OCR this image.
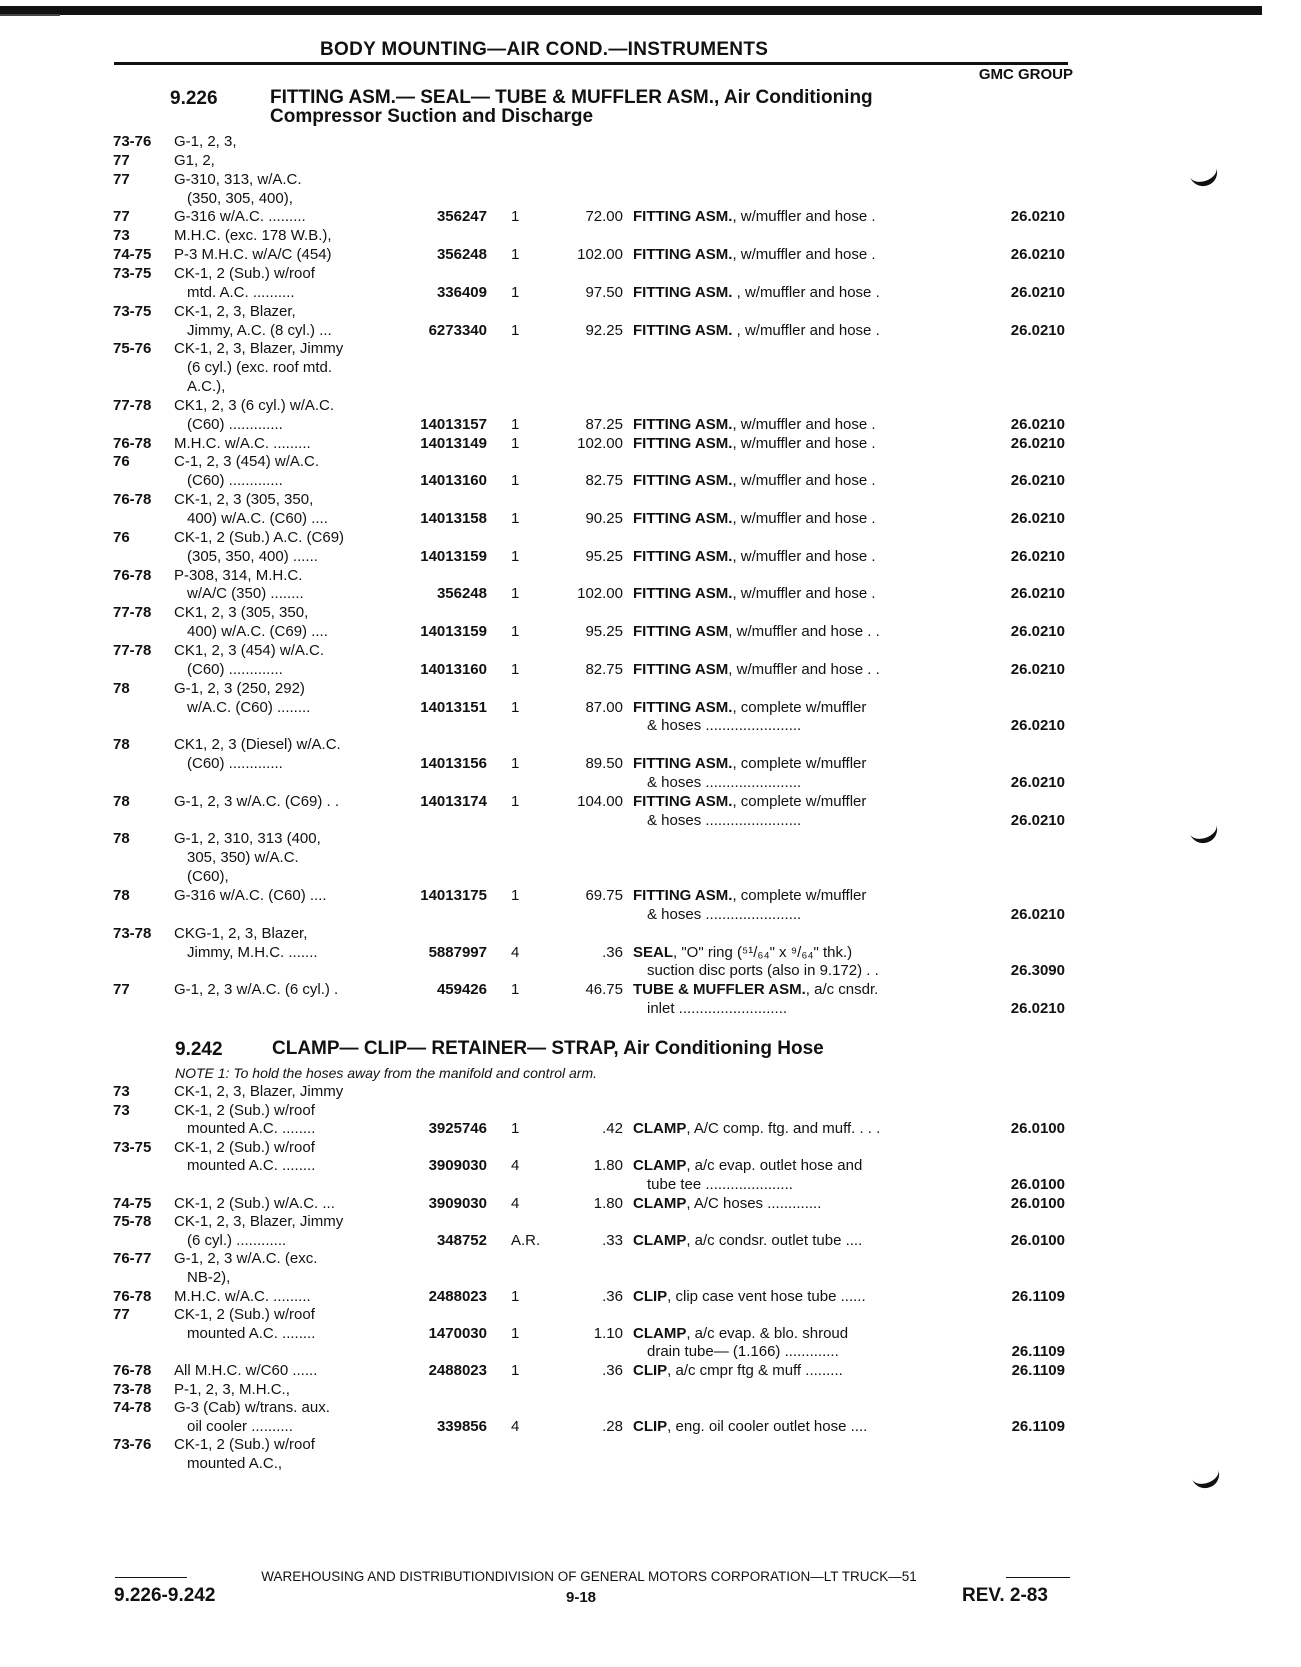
BODY MOUNTING—AIR COND.—INSTRUMENTS
GMC GROUP
9.226	FITTING ASM.— SEAL— TUBE & MUFFLER ASM., Air Conditioning
Compressor Suction and Discharge
73-76 G-1, 2, 3,
77	G1, 2,
77	G-310, 313, w/A.C.
(350, 305, 400),
77	G-316 w/A.C. .........	356247 1	72.00 FITTING ASM., w/muffler and hose .	26.0210
73	M.H.C. (exc. 178 W.B.),
74-75 P-3 M.H.C. w/A/C (454)	356248 1	102.00 FITTING ASM., w/muffler and hose .	26.0210
73-75 CK-1, 2 (Sub.) w/roof
mtd. A.C. ..........	336409 1	97.50 FITTING ASM. , w/muffler and hose .	26.0210
73-75 CK-1, 2, 3, Blazer,
Jimmy, A.C. (8 cyl.) ...	6273340 1	92.25 FITTING ASM. , w/muffler and hose .	26.0210
75-76 CK-1, 2, 3, Blazer, Jimmy
(6 cyl.) (exc. roof mtd.
A.C.),
77-78 CK1, 2, 3 (6 cyl.) w/A.C.
(C60) .............	14013157 1	87.25 FITTING ASM., w/muffler and hose .	26.0210
76-78 M.H.C. w/A.C. .........	14013149 1	102.00 FITTING ASM., w/muffler and hose .	26.0210
76	C-1, 2, 3 (454) w/A.C.
(C60) .............	14013160 1	82.75 FITTING ASM., w/muffler and hose .	26.0210
76-78 CK-1, 2, 3 (305, 350,
400) w/A.C. (C60) ....	14013158 1	90.25 FITTING ASM., w/muffler and hose .	26.0210
76	CK-1, 2 (Sub.) A.C. (C69)
(305, 350, 400) ......	14013159 1	95.25 FITTING ASM., w/muffler and hose .	26.0210
76-78 P-308, 314, M.H.C.
w/A/C (350) ........	356248 1	102.00 FITTING ASM., w/muffler and hose .	26.0210
77-78 CK1, 2, 3 (305, 350,
400) w/A.C. (C69) ....	14013159 1	95.25 FITTING ASM, w/muffler and hose . .	26.0210
77-78 CK1, 2, 3 (454) w/A.C.
(C60) .............	14013160 1	82.75 FITTING ASM, w/muffler and hose . .	26.0210
78	G-1, 2, 3 (250, 292)
w/A.C. (C60) ........	14013151 1	87.00 FITTING ASM., complete w/muffler
& hoses .......................	26.0210
78	CK1, 2, 3 (Diesel) w/A.C.
(C60) .............	14013156 1	89.50 FITTING ASM., complete w/muffler
& hoses .......................	26.0210
78	G-1, 2, 3 w/A.C. (C69) . .	14013174 1	104.00 FITTING ASM., complete w/muffler
& hoses .......................	26.0210
78	G-1, 2, 310, 313 (400,
305, 350) w/A.C.
(C60),
78	G-316 w/A.C. (C60) ....	14013175 1	69.75 FITTING ASM., complete w/muffler
& hoses .......................	26.0210
73-78 CKG-1, 2, 3, Blazer,
Jimmy, M.H.C. .......	5887997 4	.36 SEAL, "O" ring (⁵¹/₆₄" x ⁹/₆₄" thk.)
suction disc ports (also in 9.172) . .	26.3090
77	G-1, 2, 3 w/A.C. (6 cyl.) .	459426 1	46.75 TUBE & MUFFLER ASM., a/c cnsdr.
inlet ..........................	26.0210
9.242	CLAMP— CLIP— RETAINER— STRAP, Air Conditioning Hose
NOTE 1: To hold the hoses away from the manifold and control arm.
73	CK-1, 2, 3, Blazer, Jimmy
73	CK-1, 2 (Sub.) w/roof
mounted A.C. ........	3925746 1	.42 CLAMP, A/C comp. ftg. and muff. . . .	26.0100
73-75 CK-1, 2 (Sub.) w/roof
mounted A.C. ........	3909030 4	1.80 CLAMP, a/c evap. outlet hose and
tube tee .....................	26.0100
74-75 CK-1, 2 (Sub.) w/A.C. ...	3909030 4	1.80 CLAMP, A/C hoses .............	26.0100
75-78 CK-1, 2, 3, Blazer, Jimmy
(6 cyl.) ............	348752 A.R.	.33 CLAMP, a/c condsr. outlet tube ....	26.0100
76-77 G-1, 2, 3 w/A.C. (exc.
NB-2),
76-78 M.H.C. w/A.C. .........	2488023 1	.36 CLIP, clip case vent hose tube ......	26.1109
77	CK-1, 2 (Sub.) w/roof
mounted A.C. ........	1470030 1	1.10 CLAMP, a/c evap. & blo. shroud
drain tube— (1.166) .............	26.1109
76-78 All M.H.C. w/C60 ......	2488023 1	.36 CLIP, a/c cmpr ftg & muff .........	26.1109
73-78 P-1, 2, 3, M.H.C.,
74-78 G-3 (Cab) w/trans. aux.
oil cooler ..........	339856 4	.28 CLIP, eng. oil cooler outlet hose ....	26.1109
73-76 CK-1, 2 (Sub.) w/roof
mounted A.C.,
WAREHOUSING AND DISTRIBUTIONDIVISION OF GENERAL MOTORS CORPORATION—LT TRUCK—51
9.226-9.242	9-18	REV. 2-83
